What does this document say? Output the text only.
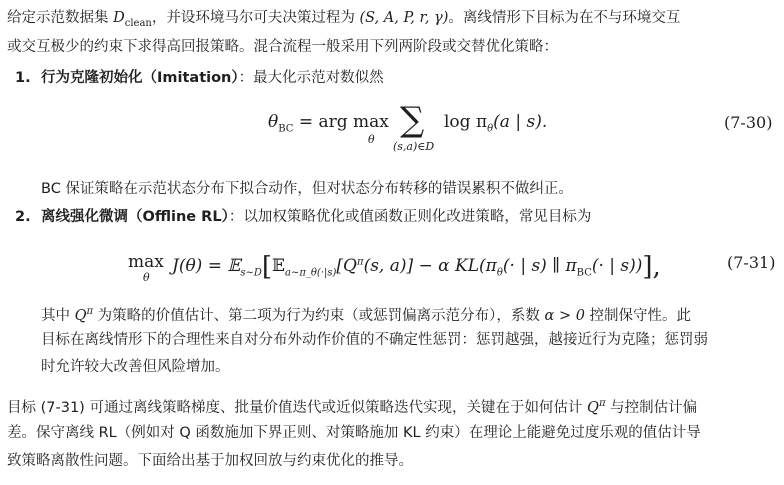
给定示范数据集 $D_{clean}$，并设环境马尔可夫决策过程为 (S, A, P, r, γ)。离线情形下目标为在不与环境交互
或交互极少的约束下求得高回报策略。混合流程一般采用下列两阶段或交替优化策略：
1. 行为克隆初始化（Imitation）：最大化示范对数似然
$\theta_{BC}$ = arg max
θ ∑
(s,a)∈D
$\log \pi_\theta(a$ | s).	(7-30)
BC 保证策略在示范状态分布下拟合动作，但对状态分布转移的错误累积不做纠正。
2. 离线强化微调（Offline RL）：以加权策略优化或值函数正则化改进策略，常见目标为
max
θ
$J(\theta) = 𝔼_{s\sim D}[𝔼_{a\sim\pi\_\theta(\cdot|s)}[Q^\pi(s$, a)] − α $KL(\pi_\theta(\cdot$ | s) ∥ $\pi_{BC}(\cdot$ | s))],	(7-31)
其中 $Q^\pi$ 为策略的价值估计、第二项为行为约束（或惩罚偏离示范分布），系数 α > 0 控制保守性。此
目标在离线情形下的合理性来自对分布外动作价值的不确定性惩罚：惩罚越强，越接近行为克隆；惩罚弱
时允许较大改善但风险增加。
目标 (7-31) 可通过离线策略梯度、批量价值迭代或近似策略迭代实现，关键在于如何估计 $Q^\pi$ 与控制估计偏
差。保守离线 RL（例如对 Q 函数施加下界正则、对策略施加 KL 约束）在理论上能避免过度乐观的值估计导
致策略离散性问题。下面给出基于加权回放与约束优化的推导。
